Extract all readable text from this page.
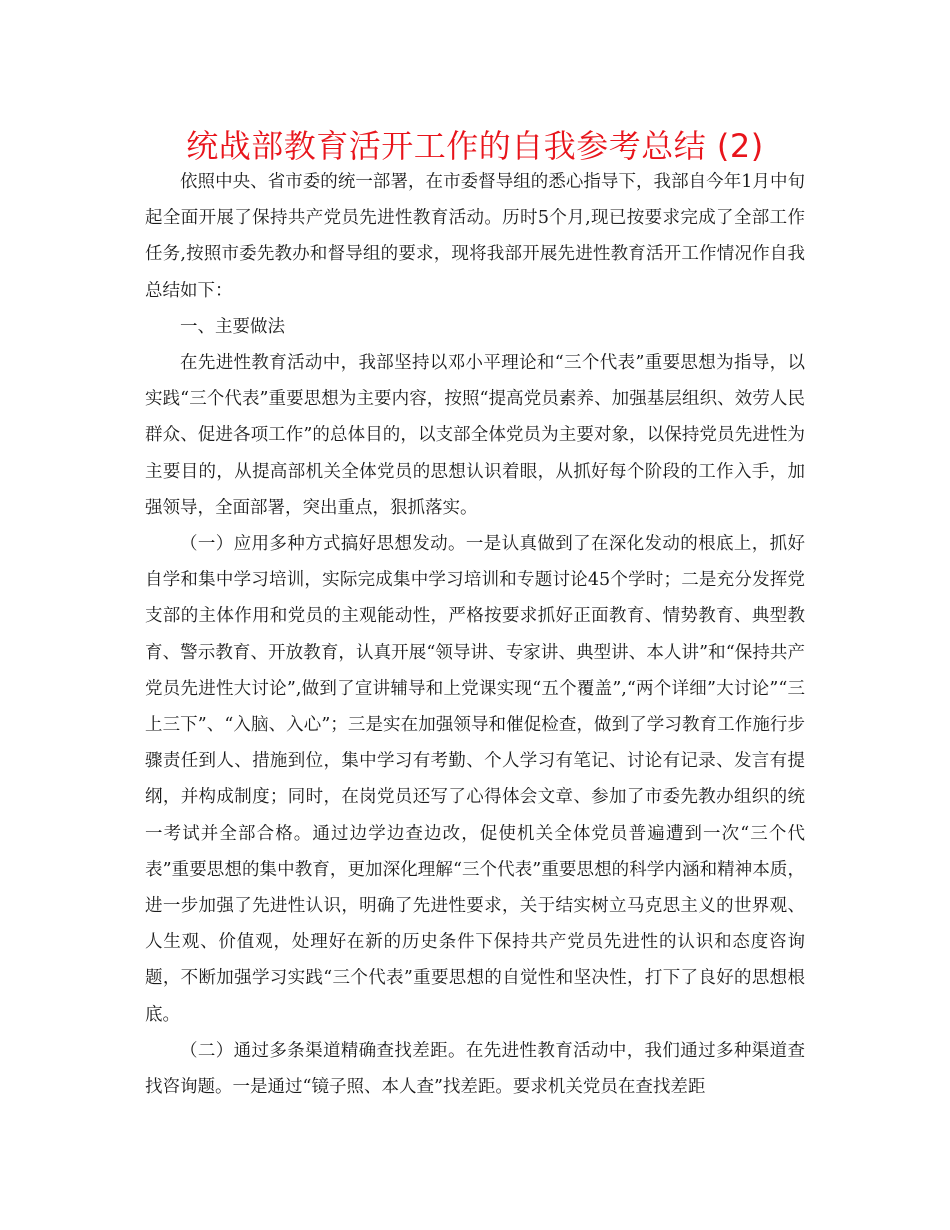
统战部教育活开工作的自我参考总结 (2)

依照中央、省市委的统一部署，在市委督导组的悉心指导下，我部自今年1月中旬起全面开展了保持共产党员先进性教育活动。历时5个月,现已按要求完成了全部工作任务,按照市委先教办和督导组的要求，现将我部开展先进性教育活开工作情况作自我总结如下：

一、主要做法

在先进性教育活动中，我部坚持以邓小平理论和“三个代表”重要思想为指导，以实践“三个代表”重要思想为主要内容，按照“提高党员素养、加强基层组织、效劳人民群众、促进各项工作”的总体目的，以支部全体党员为主要对象，以保持党员先进性为主要目的，从提高部机关全体党员的思想认识着眼，从抓好每个阶段的工作入手，加强领导，全面部署，突出重点，狠抓落实。

（一）应用多种方式搞好思想发动。一是认真做到了在深化发动的根底上，抓好自学和集中学习培训，实际完成集中学习培训和专题讨论45个学时；二是充分发挥党支部的主体作用和党员的主观能动性，严格按要求抓好正面教育、情势教育、典型教育、警示教育、开放教育，认真开展“领导讲、专家讲、典型讲、本人讲”和“保持共产党员先进性大讨论”,做到了宣讲辅导和上党课实现“五个覆盖”,“两个详细”大讨论”“三上三下”、“入脑、入心”；三是实在加强领导和催促检查，做到了学习教育工作施行步骤责任到人、措施到位，集中学习有考勤、个人学习有笔记、讨论有记录、发言有提纲，并构成制度；同时，在岗党员还写了心得体会文章、参加了市委先教办组织的统一考试并全部合格。通过边学边查边改，促使机关全体党员普遍遭到一次“三个代表”重要思想的集中教育，更加深化理解“三个代表”重要思想的科学内涵和精神本质，进一步加强了先进性认识，明确了先进性要求，关于结实树立马克思主义的世界观、人生观、价值观，处理好在新的历史条件下保持共产党员先进性的认识和态度咨询题，不断加强学习实践“三个代表”重要思想的自觉性和坚决性，打下了良好的思想根底。

（二）通过多条渠道精确查找差距。在先进性教育活动中，我们通过多种渠道查找咨询题。一是通过“镜子照、本人查”找差距。要求机关党员在查找差距
